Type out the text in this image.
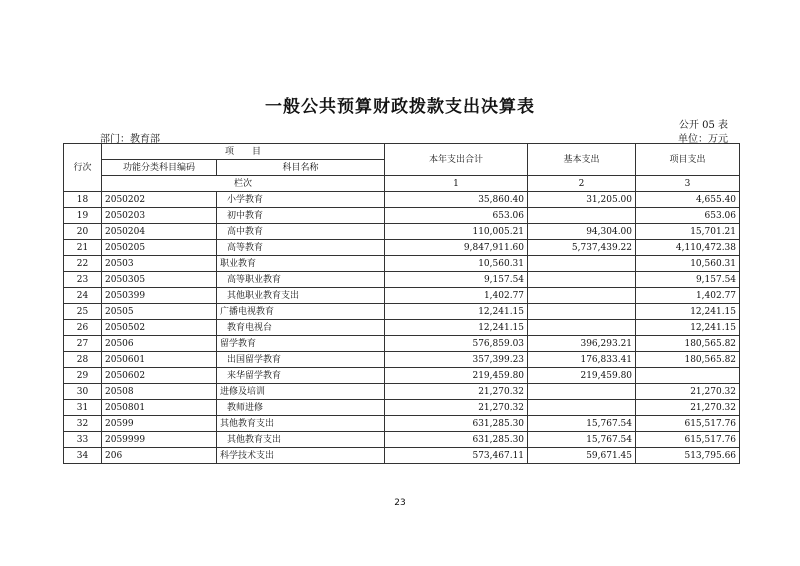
一般公共预算财政拨款支出决算表
公开 05 表
部门：教育部	单位：万元
行次	项　　目		本年支出合计	基本支出	项目支出
	功能分类科目编码	科目名称			
	栏次		1	2	3
18	2050202	小学教育	35,860.40	31,205.00	4,655.40
19	2050203	初中教育	653.06		653.06
20	2050204	高中教育	110,005.21	94,304.00	15,701.21
21	2050205	高等教育	9,847,911.60	5,737,439.22	4,110,472.38
22	20503	职业教育	10,560.31		10,560.31
23	2050305	高等职业教育	9,157.54		9,157.54
24	2050399	其他职业教育支出	1,402.77		1,402.77
25	20505	广播电视教育	12,241.15		12,241.15
26	2050502	教育电视台	12,241.15		12,241.15
27	20506	留学教育	576,859.03	396,293.21	180,565.82
28	2050601	出国留学教育	357,399.23	176,833.41	180,565.82
29	2050602	来华留学教育	219,459.80	219,459.80	
30	20508	进修及培训	21,270.32		21,270.32
31	2050801	教师进修	21,270.32		21,270.32
32	20599	其他教育支出	631,285.30	15,767.54	615,517.76
33	2059999	其他教育支出	631,285.30	15,767.54	615,517.76
34	206	科学技术支出	573,467.11	59,671.45	513,795.66
23
